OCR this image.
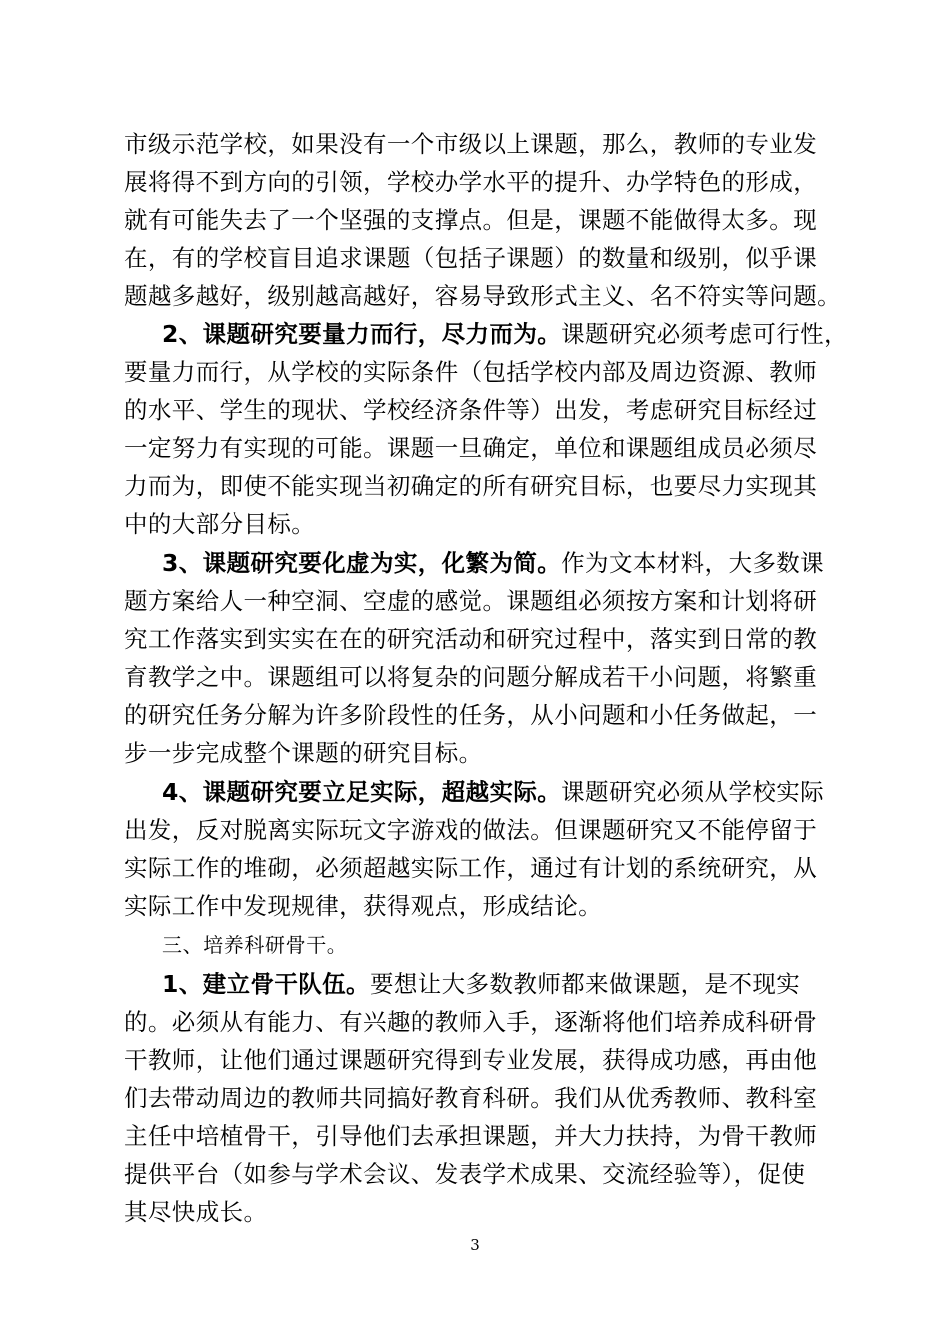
市级示范学校，如果没有一个市级以上课题，那么，教师的专业发
展将得不到方向的引领，学校办学水平的提升、办学特色的形成，
就有可能失去了一个坚强的支撑点。但是，课题不能做得太多。现
在，有的学校盲目追求课题（包括子课题）的数量和级别，似乎课
题越多越好，级别越高越好，容易导致形式主义、名不符实等问题。
2、课题研究要量力而行，尽力而为。课题研究必须考虑可行性，
要量力而行，从学校的实际条件（包括学校内部及周边资源、教师
的水平、学生的现状、学校经济条件等）出发，考虑研究目标经过
一定努力有实现的可能。课题一旦确定，单位和课题组成员必须尽
力而为，即使不能实现当初确定的所有研究目标，也要尽力实现其
中的大部分目标。
3、课题研究要化虚为实，化繁为简。作为文本材料，大多数课
题方案给人一种空洞、空虚的感觉。课题组必须按方案和计划将研
究工作落实到实实在在的研究活动和研究过程中，落实到日常的教
育教学之中。课题组可以将复杂的问题分解成若干小问题，将繁重
的研究任务分解为许多阶段性的任务，从小问题和小任务做起，一
步一步完成整个课题的研究目标。
4、课题研究要立足实际，超越实际。课题研究必须从学校实际
出发，反对脱离实际玩文字游戏的做法。但课题研究又不能停留于
实际工作的堆砌，必须超越实际工作，通过有计划的系统研究，从
实际工作中发现规律，获得观点，形成结论。
三、培养科研骨干。
1、建立骨干队伍。要想让大多数教师都来做课题，是不现实
的。必须从有能力、有兴趣的教师入手，逐渐将他们培养成科研骨
干教师，让他们通过课题研究得到专业发展，获得成功感，再由他
们去带动周边的教师共同搞好教育科研。我们从优秀教师、教科室
主任中培植骨干，引导他们去承担课题，并大力扶持，为骨干教师
提供平台（如参与学术会议、发表学术成果、交流经验等），促使
其尽快成长。
3
